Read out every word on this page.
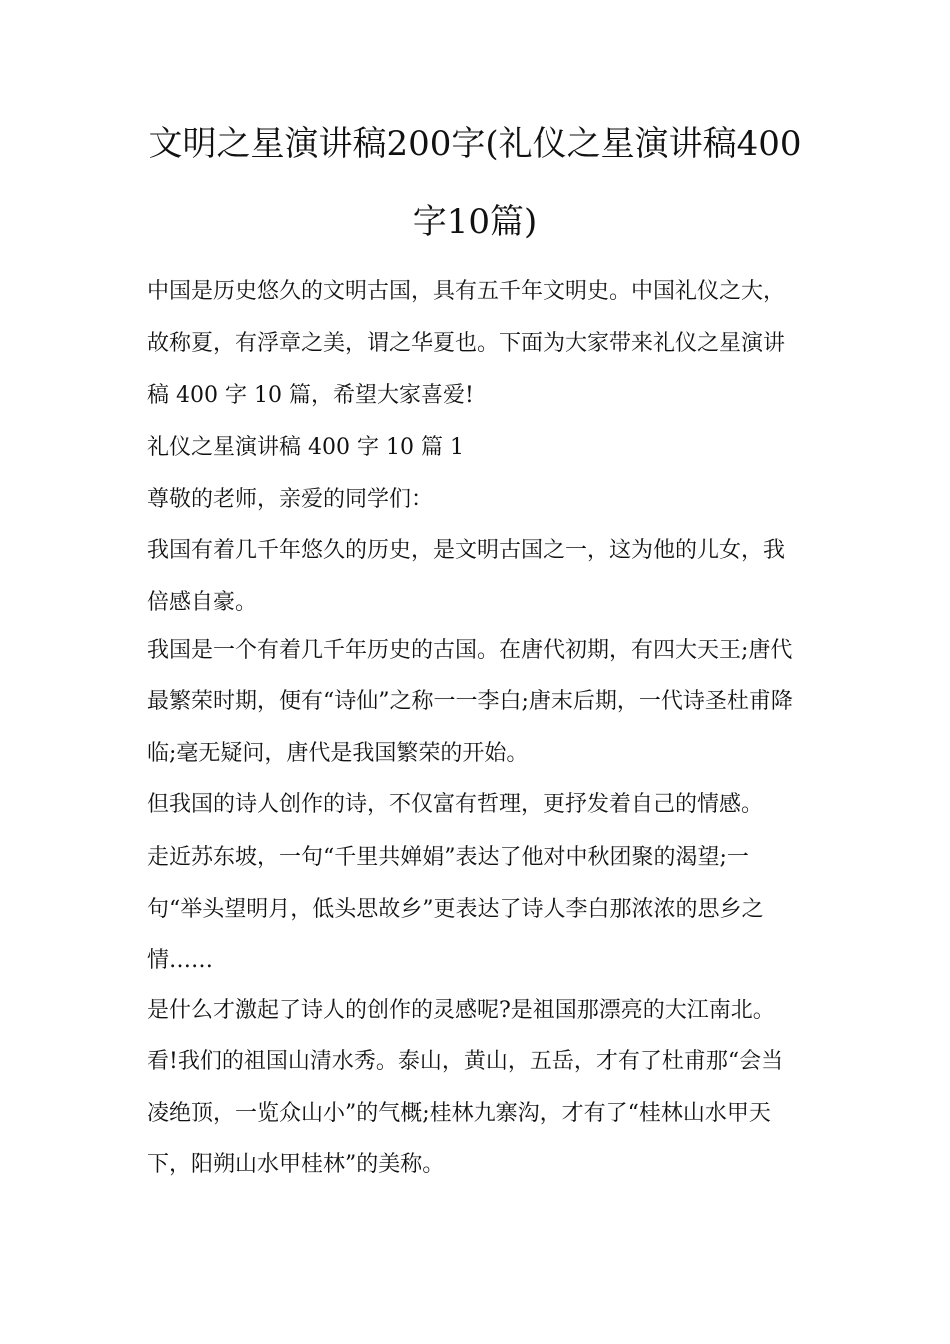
文明之星演讲稿200字(礼仪之星演讲稿400
字10篇)

中国是历史悠久的文明古国，具有五千年文明史。中国礼仪之大，

故称夏，有浮章之美，谓之华夏也。下面为大家带来礼仪之星演讲

稿 400 字 10 篇，希望大家喜爱!

礼仪之星演讲稿 400 字 10 篇 1

尊敬的老师，亲爱的同学们：

我国有着几千年悠久的历史，是文明古国之一，这为他的儿女，我

倍感自豪。

我国是一个有着几千年历史的古国。在唐代初期，有四大天王;唐代

最繁荣时期，便有“诗仙”之称一一李白;唐末后期，一代诗圣杜甫降

临;毫无疑问，唐代是我国繁荣的开始。

但我国的诗人创作的诗，不仅富有哲理，更抒发着自己的情感。

走近苏东坡，一句“千里共婵娟”表达了他对中秋团聚的渴望;一

句“举头望明月，低头思故乡”更表达了诗人李白那浓浓的思乡之

情……

是什么才激起了诗人的创作的灵感呢?是祖国那漂亮的大江南北。

看!我们的祖国山清水秀。泰山，黄山，五岳，才有了杜甫那“会当

凌绝顶，一览众山小”的气概;桂林九寨沟，才有了“桂林山水甲天

下，阳朔山水甲桂林”的美称。
